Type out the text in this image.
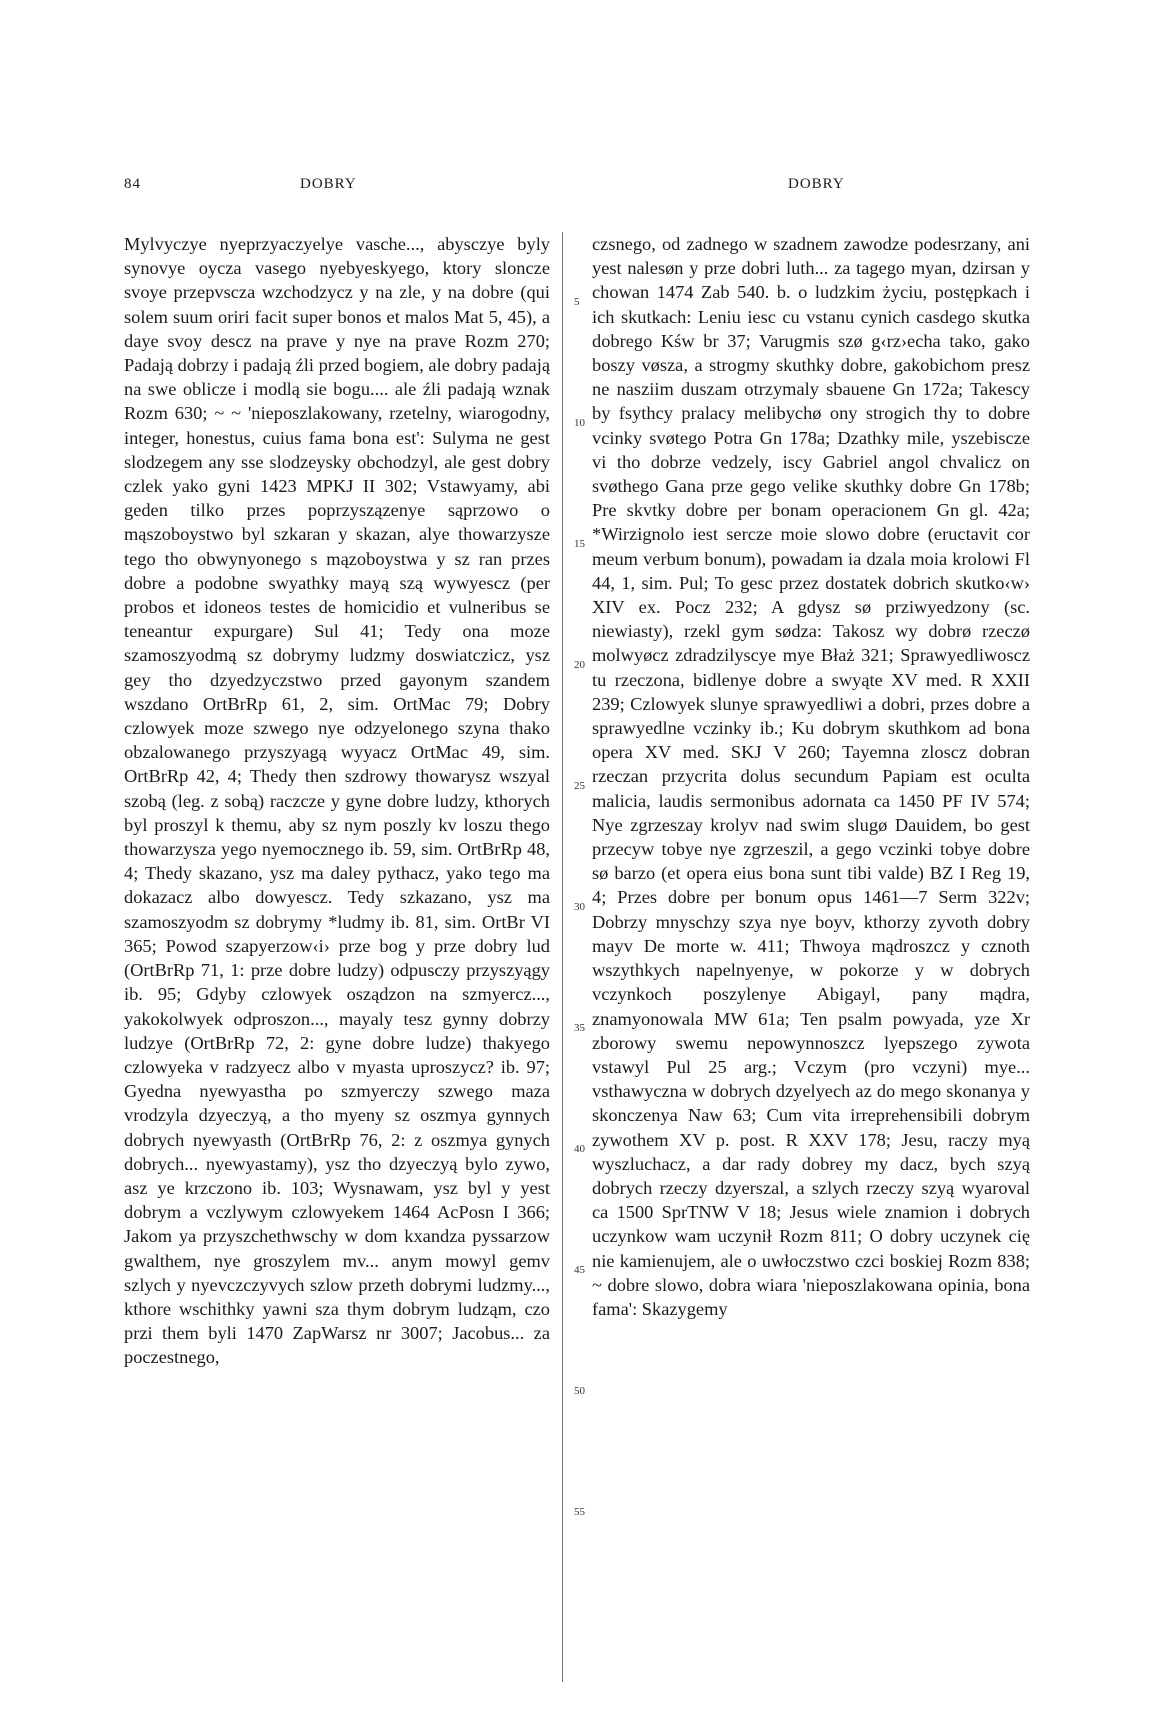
84	DOBRY	DOBRY

Mylvyczye nyeprzyaczyelye vasche..., abysczye byly synovye oycza vasego nyebyeskyego, ktory sloncze svoye przepvscza wzchodzycz y na zle, y na dobre (qui solem suum oriri facit super bonos et malos Mat 5, 45), a daye svoy descz na prave y nye na prave Rozm 270; Padają dobrzy i padają źli przed bogiem, ale dobry padają na swe oblicze i modlą sie bogu.... ale źli padają wznak Rozm 630; ~ ~ 'nieposzlakowany, rzetelny, wiarogodny, integer, honestus, cuius fama bona est': Sulyma ne gest slodzegem any sse slodzeysky obchodzyl, ale gest dobry czlek yako gyni 1423 MPKJ II 302; Vstawyamy, abi geden tilko przes poprzyszązenye sąprzowo o mąszoboystwo byl szkaran y skazan, alye thowarzysze tego tho obwynyonego s mązoboystwa y sz ran przes dobre a podobne swyathky mayą szą wywyescz (per probos et idoneos testes de homicidio et vulneribus se teneantur expurgare) Sul 41; Tedy ona moze szamoszyodmą sz dobrymy ludzmy doswiatczicz, ysz gey tho dzyedzyczstwo przed gayonym szandem wszdano OrtBrRp 61, 2, sim. OrtMac 79; Dobry czlowyek moze szwego nye odzyelonego szyna thako obzalowanego przyszyagą wyyacz OrtMac 49, sim. OrtBrRp 42, 4; Thedy then szdrowy thowarysz wszyal szobą (leg. z sobą) raczcze y gyne dobre ludzy, kthorych byl proszyl k themu, aby sz nym poszly kv loszu thego thowarzysza yego nyemocznego ib. 59, sim. OrtBrRp 48, 4; Thedy skazano, ysz ma daley pythacz, yako tego ma dokazacz albo dowyescz. Tedy szkazano, ysz ma szamoszyodm sz dobrymy *ludmy ib. 81, sim. OrtBr VI 365; Powod szapyerzow‹i› prze bog y prze dobry lud (OrtBrRp 71, 1: prze dobre ludzy) odpusczy przyszyągy ib. 95; Gdyby czlowyek osządzon na szmyercz..., yakokolwyek odproszon..., mayaly tesz gynny dobrzy ludzye (OrtBrRp 72, 2: gyne dobre ludze) thakyego czlowyeka v radzyecz albo v myasta uproszycz? ib. 97; Gyedna nyewyastha po szmyerczy szwego maza vrodzyla dzyeczyą, a tho myeny sz oszmya gynnych dobrych nyewyasth (OrtBrRp 76, 2: z oszmya gynych dobrych... nyewyastamy), ysz tho dzyeczyą bylo zywo, asz ye krzczono ib. 103; Wysnawam, ysz byl y yest dobrym a vczlywym czlowyekem 1464 AcPosn I 366; Jakom ya przyszchethwschy w dom kxandza pyssarzow gwalthem, nye groszylem mv... anym mowyl gemv szlych y nyevczczyvych szlow przeth dobrymi ludzmy..., kthore wschithky yawni sza thym dobrym ludząm, czo przi them byli 1470 ZapWarsz nr 3007; Jacobus... za poczestnego,

5
10
15
20
25
30
35
40
45
50
55

czsnego, od zadnego w szadnem zawodze podesrzany, ani yest nalesøn y prze dobri luth... za tagego myan, dzirsan y chowan 1474 Zab 540. b. o ludzkim życiu, postępkach i ich skutkach: Leniu iesc cu vstanu cynich casdego skutka dobrego Kśw br 37; Varugmis szø g‹rz›echa tako, gako boszy vøsza, a strogmy skuthky dobre, gakobichom presz ne nasziim duszam otrzymaly sbauene Gn 172a; Takescy by fsythcy pralacy melibychø ony strogich thy to dobre vcinky svøtego Potra Gn 178a; Dzathky mile, yszebiscze vi tho dobrze vedzely, iscy Gabriel angol chvalicz on svøthego Gana prze gego velike skuthky dobre Gn 178b; Pre skvtky dobre per bonam operacionem Gn gl. 42a; *Wirzignolo iest sercze moie slowo dobre (eructavit cor meum verbum bonum), powadam ia dzala moia krolowi Fl 44, 1, sim. Pul; To gesc przez dostatek dobrich skutko‹w› XIV ex. Pocz 232; A gdysz sø prziwyedzony (sc. niewiasty), rzekl gym sødza: Takosz wy dobrø rzeczø molwyøcz zdradzilyscye mye Błaż 321; Sprawyedliwoscz tu rzeczona, bidlenye dobre a swyąte XV med. R XXII 239; Czlowyek slunye sprawyedliwi a dobri, przes dobre a sprawyedlne vczinky ib.; Ku dobrym skuthkom ad bona opera XV med. SKJ V 260; Tayemna zloscz dobran rzeczan przycrita dolus secundum Papiam est oculta malicia, laudis sermonibus adornata ca 1450 PF IV 574; Nye zgrzeszay krolyv nad swim slugø Dauidem, bo gest przecyw tobye nye zgrzeszil, a gego vczinki tobye dobre sø barzo (et opera eius bona sunt tibi valde) BZ I Reg 19, 4; Przes dobre per bonum opus 1461—7 Serm 322v; Dobrzy mnyschzy szya nye boyv, kthorzy zyvoth dobry mayv De morte w. 411; Thwoya mądroszcz y cznoth wszythkych napelnyenye, w pokorze y w dobrych vczynkoch poszylenye Abigayl, pany mądra, znamyonowala MW 61a; Ten psalm powyada, yze Xr zborowy swemu nepowynnoszcz lyepszego zywota vstawyl Pul 25 arg.; Vczym (pro vczyni) mye... vsthawyczna w dobrych dzyelyech az do mego skonanya y skonczenya Naw 63; Cum vita irreprehensibili dobrym zywothem XV p. post. R XXV 178; Jesu, raczy myą wyszluchacz, a dar rady dobrey my dacz, bych szyą dobrych rzeczy dzyerszal, a szlych rzeczy szyą wyaroval ca 1500 SprTNW V 18; Jesus wiele znamion i dobrych uczynkow wam uczynił Rozm 811; O dobry uczynek cię nie kamienujem, ale o uwłoczstwo czci boskiej Rozm 838; ~ dobre slowo, dobra wiara 'nieposzlakowana opinia, bona fama': Skazygemy
